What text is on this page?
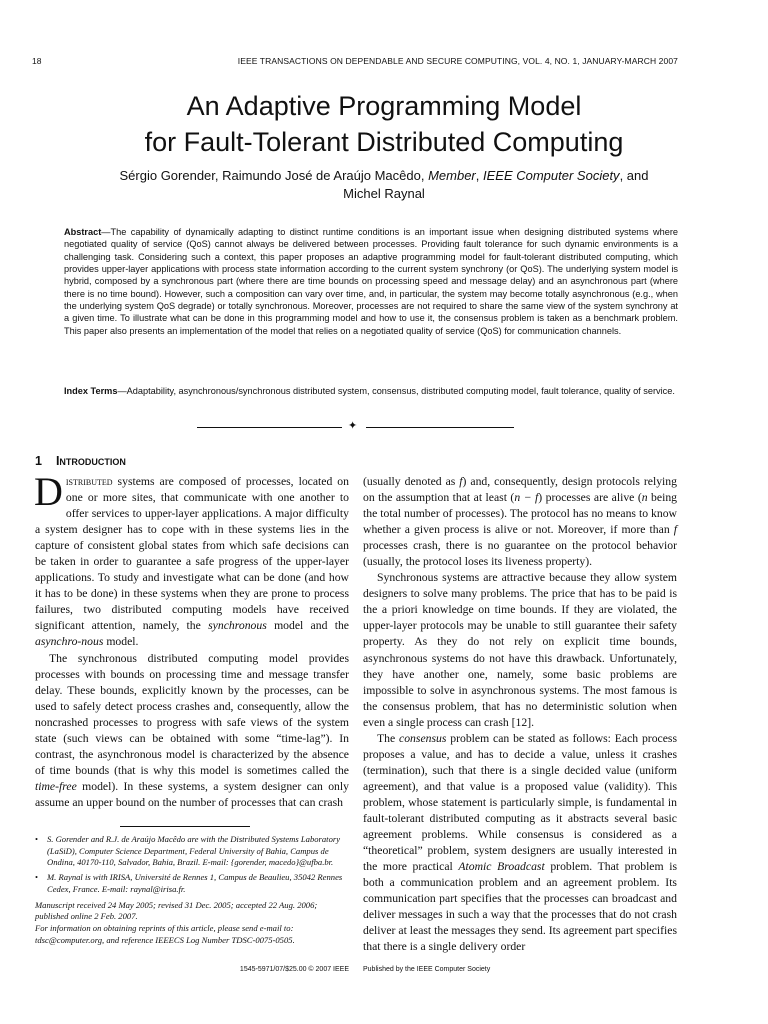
18	IEEE TRANSACTIONS ON DEPENDABLE AND SECURE COMPUTING, VOL. 4, NO. 1, JANUARY-MARCH 2007
An Adaptive Programming Model
for Fault-Tolerant Distributed Computing
Sérgio Gorender, Raimundo José de Araújo Macêdo, Member, IEEE Computer Society, and
Michel Raynal
Abstract—The capability of dynamically adapting to distinct runtime conditions is an important issue when designing distributed systems where negotiated quality of service (QoS) cannot always be delivered between processes. Providing fault tolerance for such dynamic environments is a challenging task. Considering such a context, this paper proposes an adaptive programming model for fault-tolerant distributed computing, which provides upper-layer applications with process state information according to the current system synchrony (or QoS). The underlying system model is hybrid, composed by a synchronous part (where there are time bounds on processing speed and message delay) and an asynchronous part (where there is no time bound). However, such a composition can vary over time, and, in particular, the system may become totally asynchronous (e.g., when the underlying system QoS degrade) or totally synchronous. Moreover, processes are not required to share the same view of the system synchrony at a given time. To illustrate what can be done in this programming model and how to use it, the consensus problem is taken as a benchmark problem. This paper also presents an implementation of the model that relies on a negotiated quality of service (QoS) for communication channels.
Index Terms—Adaptability, asynchronous/synchronous distributed system, consensus, distributed computing model, fault tolerance, quality of service.
✦
1 Introduction

Distributed systems are composed of processes, located on one or more sites, that communicate with one another to offer services to upper-layer applications. A major difficulty a system designer has to cope with in these systems lies in the capture of consistent global states from which safe decisions can be taken in order to guarantee a safe progress of the upper-layer applications. To study and investigate what can be done (and how it has to be done) in these systems when they are prone to process failures, two distributed computing models have received significant attention, namely, the synchronous model and the asynchro-nous model.

The synchronous distributed computing model provides processes with bounds on processing time and message transfer delay. These bounds, explicitly known by the processes, can be used to safely detect process crashes and, consequently, allow the noncrashed processes to progress with safe views of the system state (such views can be obtained with some “time-lag”). In contrast, the asynchronous model is characterized by the absence of time bounds (that is why this model is sometimes called the time-free model). In these systems, a system designer can only assume an upper bound on the number of processes that can crash

(usually denoted as f) and, consequently, design protocols relying on the assumption that at least (n − f) processes are alive (n being the total number of processes). The protocol has no means to know whether a given process is alive or not. Moreover, if more than f processes crash, there is no guarantee on the protocol behavior (usually, the protocol loses its liveness property).

Synchronous systems are attractive because they allow system designers to solve many problems. The price that has to be paid is the a priori knowledge on time bounds. If they are violated, the upper-layer protocols may be unable to still guarantee their safety property. As they do not rely on explicit time bounds, asynchronous systems do not have this drawback. Unfortunately, they have another one, namely, some basic problems are impossible to solve in asynchronous systems. The most famous is the consensus problem, that has no deterministic solution when even a single process can crash [12].

The consensus problem can be stated as follows: Each process proposes a value, and has to decide a value, unless it crashes (termination), such that there is a single decided value (uniform agreement), and that value is a proposed value (validity). This problem, whose statement is particularly simple, is fundamental in fault-tolerant distributed computing as it abstracts several basic agreement problems. While consensus is considered as a “theoretical” problem, system designers are usually interested in the more practical Atomic Broadcast problem. That problem is both a communication problem and an agreement problem. Its communication part specifies that the processes can broadcast and deliver messages in such a way that the processes that do not crash deliver at least the messages they send. Its agreement part specifies that there is a single delivery order

• S. Gorender and R.J. de Araújo Macêdo are with the Distributed Systems Laboratory (LaSiD), Computer Science Department, Federal University of Bahia, Campus de Ondina, 40170-110, Salvador, Bahia, Brazil. E-mail: {gorender, macedo}@ufba.br.
• M. Raynal is with IRISA, Université de Rennes 1, Campus de Beaulieu, 35042 Rennes Cedex, France. E-mail: raynal@irisa.fr.
Manuscript received 24 May 2005; revised 31 Dec. 2005; accepted 22 Aug. 2006; published online 2 Feb. 2007.
For information on obtaining reprints of this article, please send e-mail to: tdsc@computer.org, and reference IEEECS Log Number TDSC-0075-0505.
1545-5971/07/$25.00 © 2007 IEEE Published by the IEEE Computer Society
